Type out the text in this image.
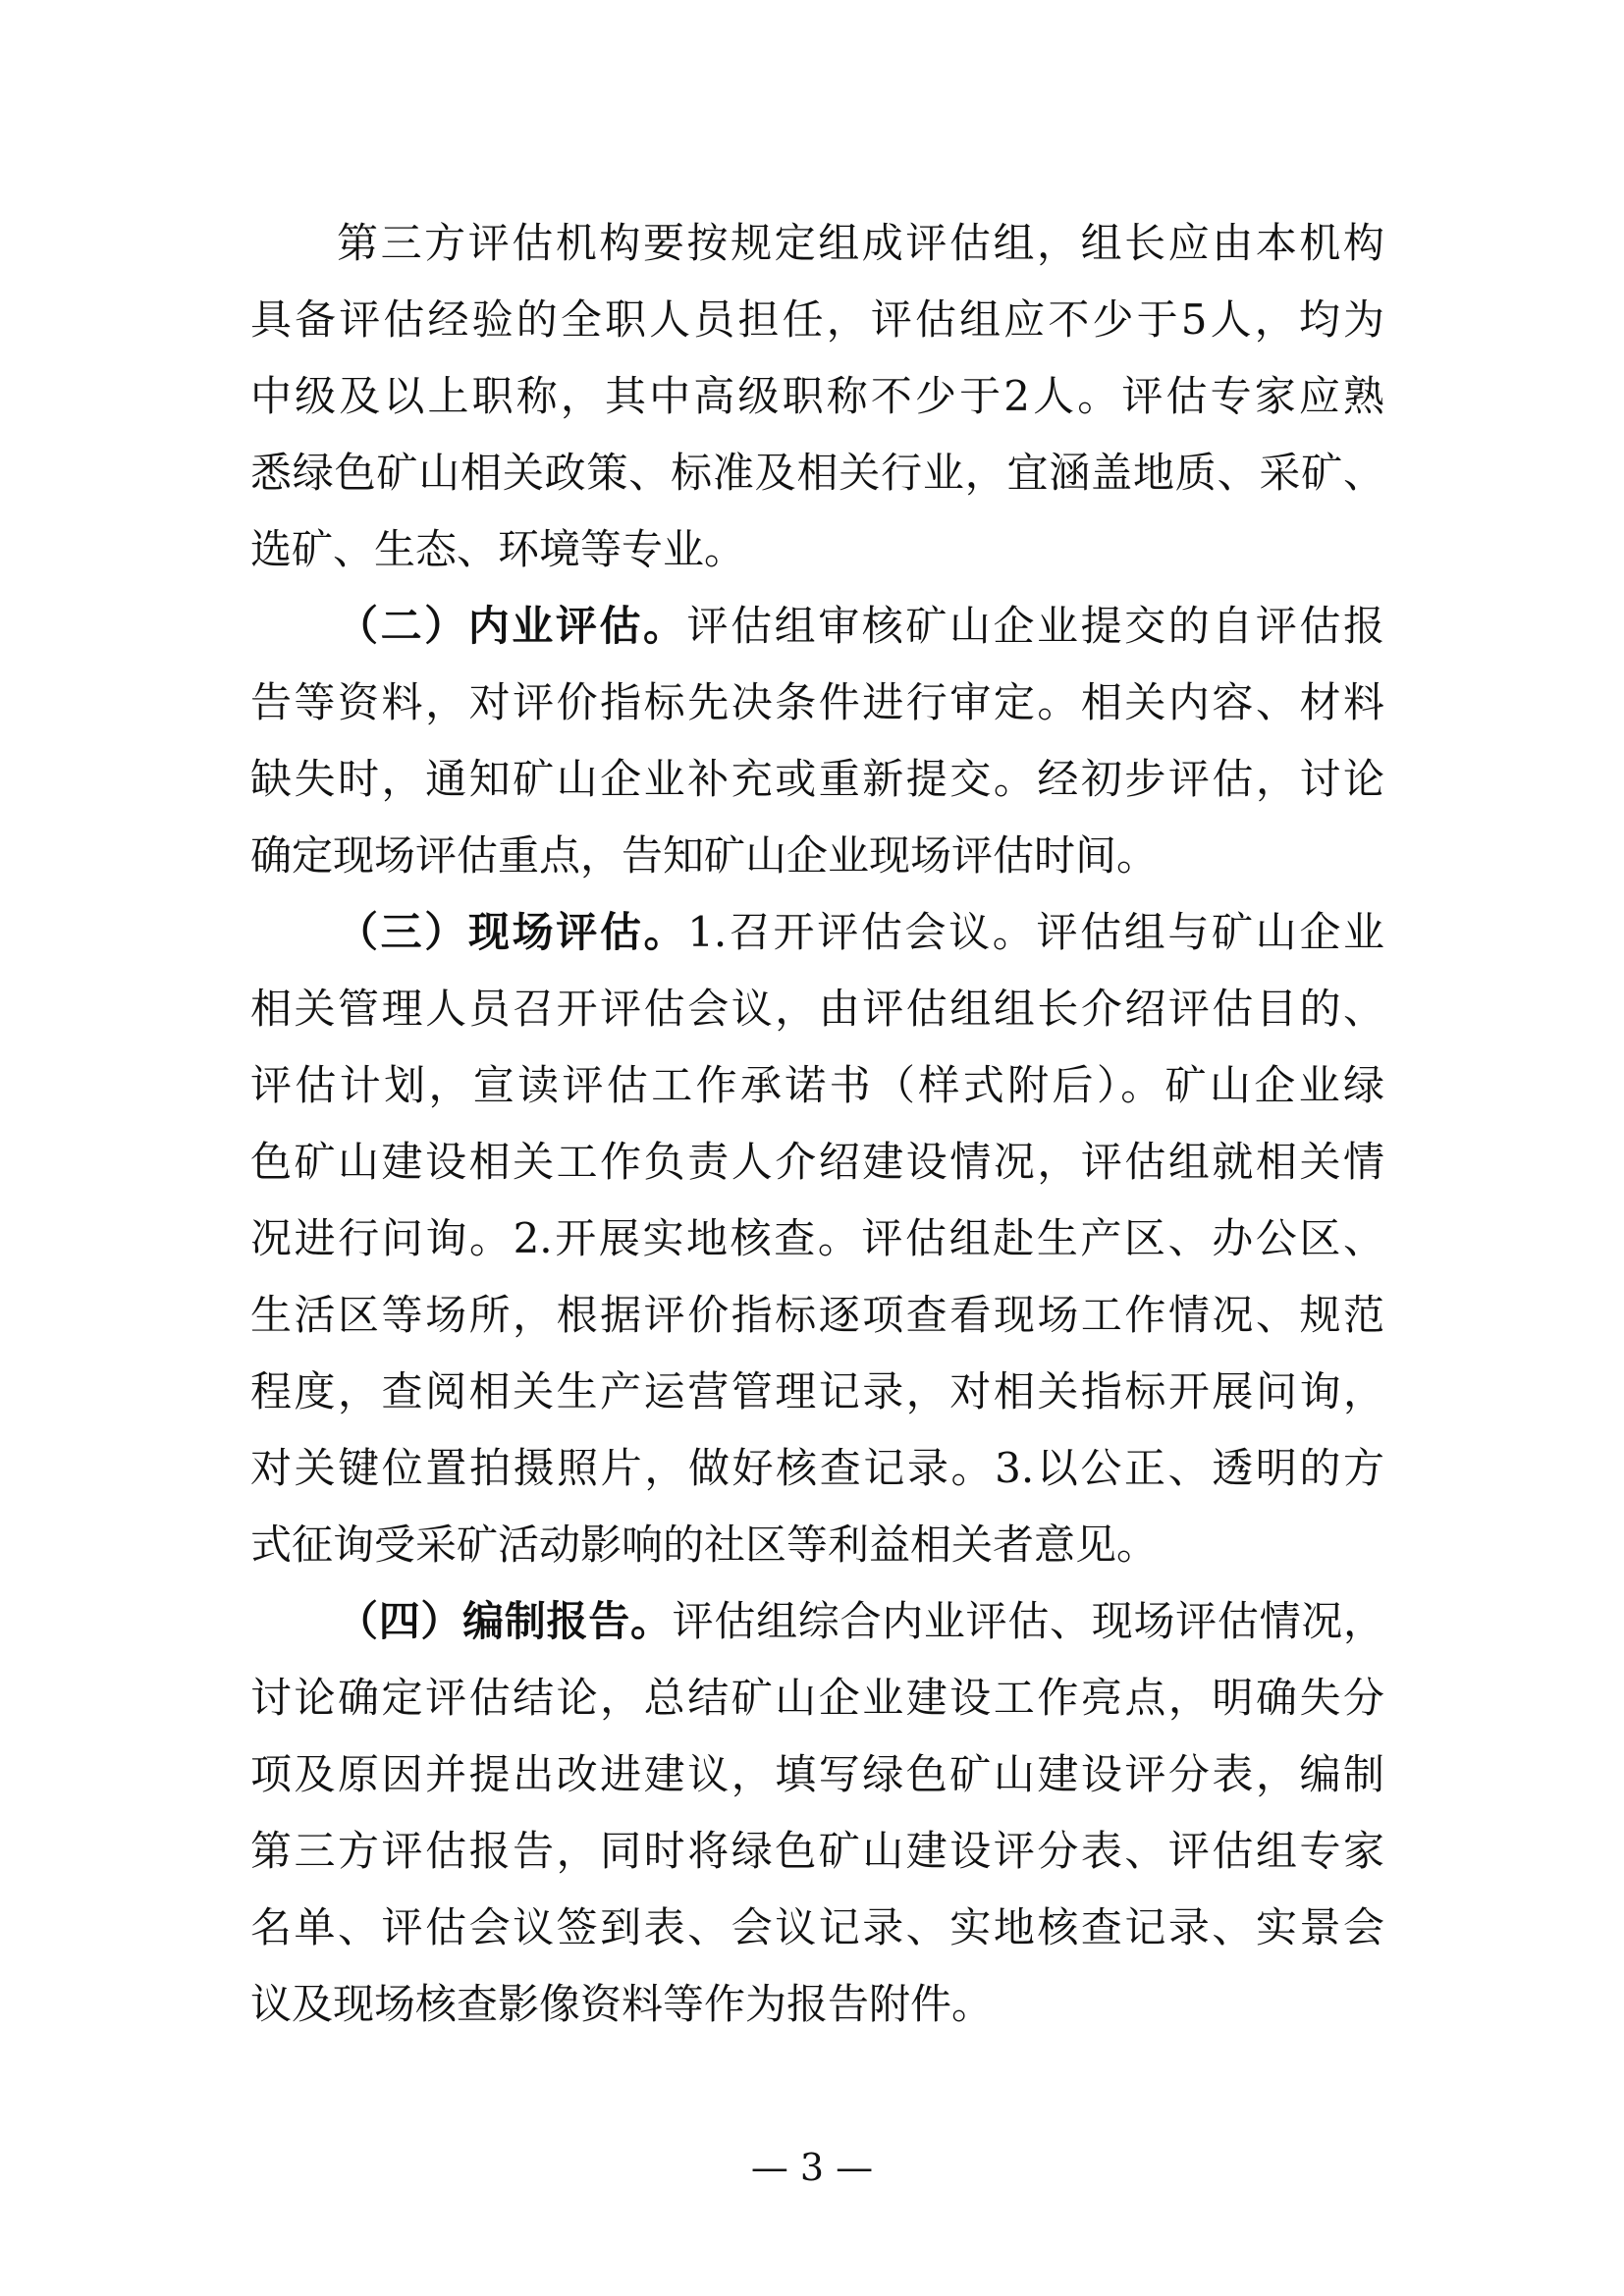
第三方评估机构要按规定组成评估组，组长应由本机构
具备评估经验的全职人员担任，评估组应不少于5人，均为
中级及以上职称，其中高级职称不少于2人。评估专家应熟
悉绿色矿山相关政策、标准及相关行业，宜涵盖地质、采矿、
选矿、生态、环境等专业。
（二）内业评估。评估组审核矿山企业提交的自评估报
告等资料，对评价指标先决条件进行审定。相关内容、材料
缺失时，通知矿山企业补充或重新提交。经初步评估，讨论
确定现场评估重点，告知矿山企业现场评估时间。
（三）现场评估。1.召开评估会议。评估组与矿山企业
相关管理人员召开评估会议，由评估组组长介绍评估目的、
评估计划，宣读评估工作承诺书（样式附后）。矿山企业绿
色矿山建设相关工作负责人介绍建设情况，评估组就相关情
况进行问询。2.开展实地核查。评估组赴生产区、办公区、
生活区等场所，根据评价指标逐项查看现场工作情况、规范
程度，查阅相关生产运营管理记录，对相关指标开展问询，
对关键位置拍摄照片，做好核查记录。3.以公正、透明的方
式征询受采矿活动影响的社区等利益相关者意见。
（四）编制报告。评估组综合内业评估、现场评估情况，
讨论确定评估结论，总结矿山企业建设工作亮点，明确失分
项及原因并提出改进建议，填写绿色矿山建设评分表，编制
第三方评估报告，同时将绿色矿山建设评分表、评估组专家
名单、评估会议签到表、会议记录、实地核查记录、实景会
议及现场核查影像资料等作为报告附件。
— 3 —
